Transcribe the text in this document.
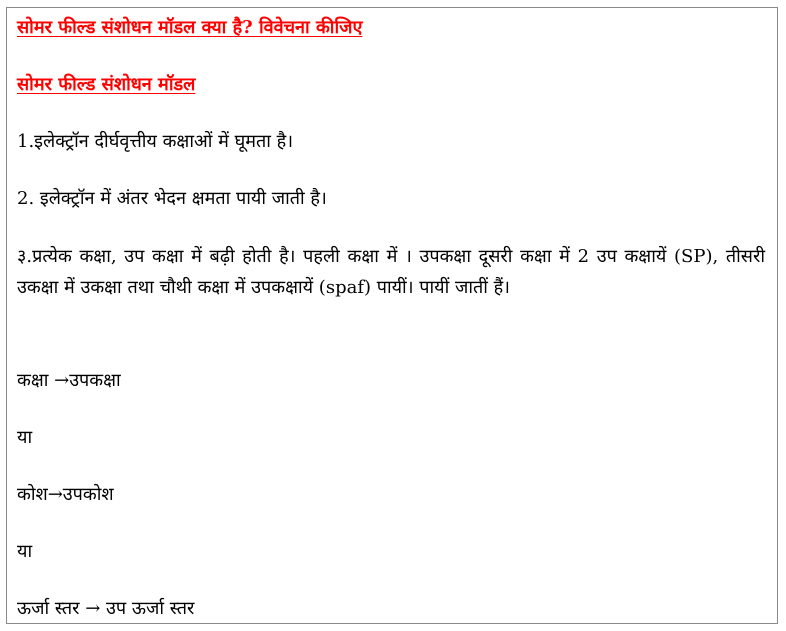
सोमर फील्ड संशोधन मॉडल क्या है? विवेचना कीजिए
सोमर फील्ड संशोधन मॉडल
1.इलेक्ट्रॉन दीर्घवृत्तीय कक्षाओं में घूमता है।
2. इलेक्ट्रॉन में अंतर भेदन क्षमता पायी जाती है।
३.प्रत्येक कक्षा, उप कक्षा में बढ़ी होती है। पहली कक्षा में । उपकक्षा दूसरी कक्षा में 2 उप कक्षायें (SP), तीसरी उकक्षा में उकक्षा तथा चौथी कक्षा में उपकक्षायें (spaf) पायीं। पायीं जातीं हैं।
कक्षा →उपकक्षा
या
कोश→उपकोश
या
ऊर्जा स्तर → उप ऊर्जा स्तर
